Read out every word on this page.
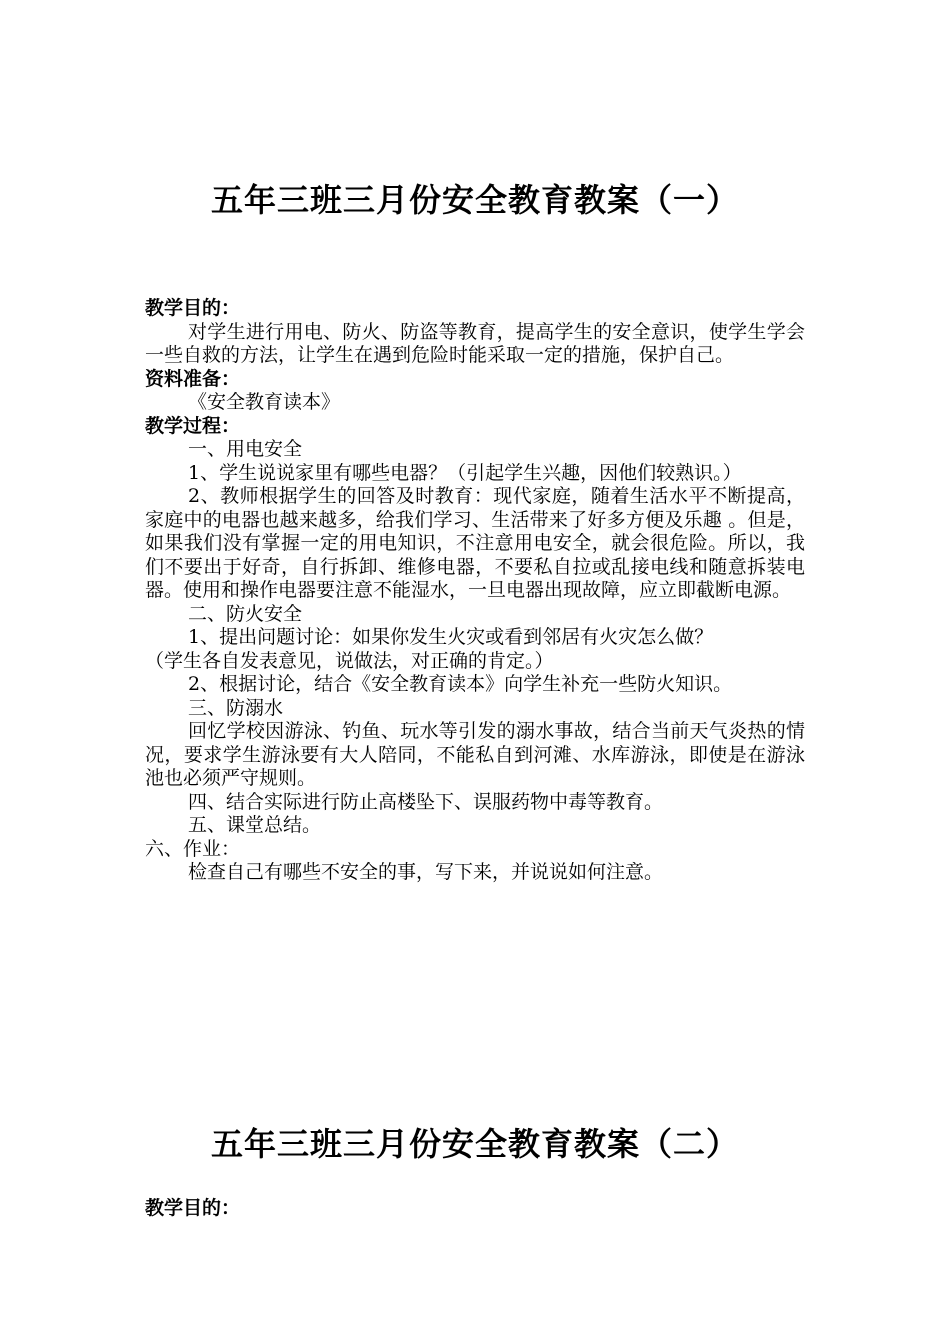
五年三班三月份安全教育教案（一）

教学目的：

对学生进行用电、防火、防盗等教育，提高学生的安全意识，使学生学会一些自救的方法，让学生在遇到危险时能采取一定的措施，保护自己。

资料准备：

《安全教育读本》

教学过程：

一、用电安全

1、学生说说家里有哪些电器？（引起学生兴趣，因他们较熟识。）

2、教师根据学生的回答及时教育：现代家庭，随着生活水平不断提高，家庭中的电器也越来越多，给我们学习、生活带来了好多方便及乐趣 。但是，如果我们没有掌握一定的用电知识，不注意用电安全，就会很危险。所以，我们不要出于好奇，自行拆卸、维修电器，不要私自拉或乱接电线和随意拆装电器。使用和操作电器要注意不能湿水，一旦电器出现故障，应立即截断电源。

二、防火安全

1、提出问题讨论：如果你发生火灾或看到邻居有火灾怎么做？

（学生各自发表意见，说做法，对正确的肯定。）

2、根据讨论，结合《安全教育读本》向学生补充一些防火知识。

三、防溺水

回忆学校因游泳、钓鱼、玩水等引发的溺水事故，结合当前天气炎热的情况，要求学生游泳要有大人陪同，不能私自到河滩、水库游泳，即使是在游泳池也必须严守规则。

四、结合实际进行防止高楼坠下、误服药物中毒等教育。

五、课堂总结。

六、作业：

检查自己有哪些不安全的事，写下来，并说说如何注意。

五年三班三月份安全教育教案（二）

教学目的：
